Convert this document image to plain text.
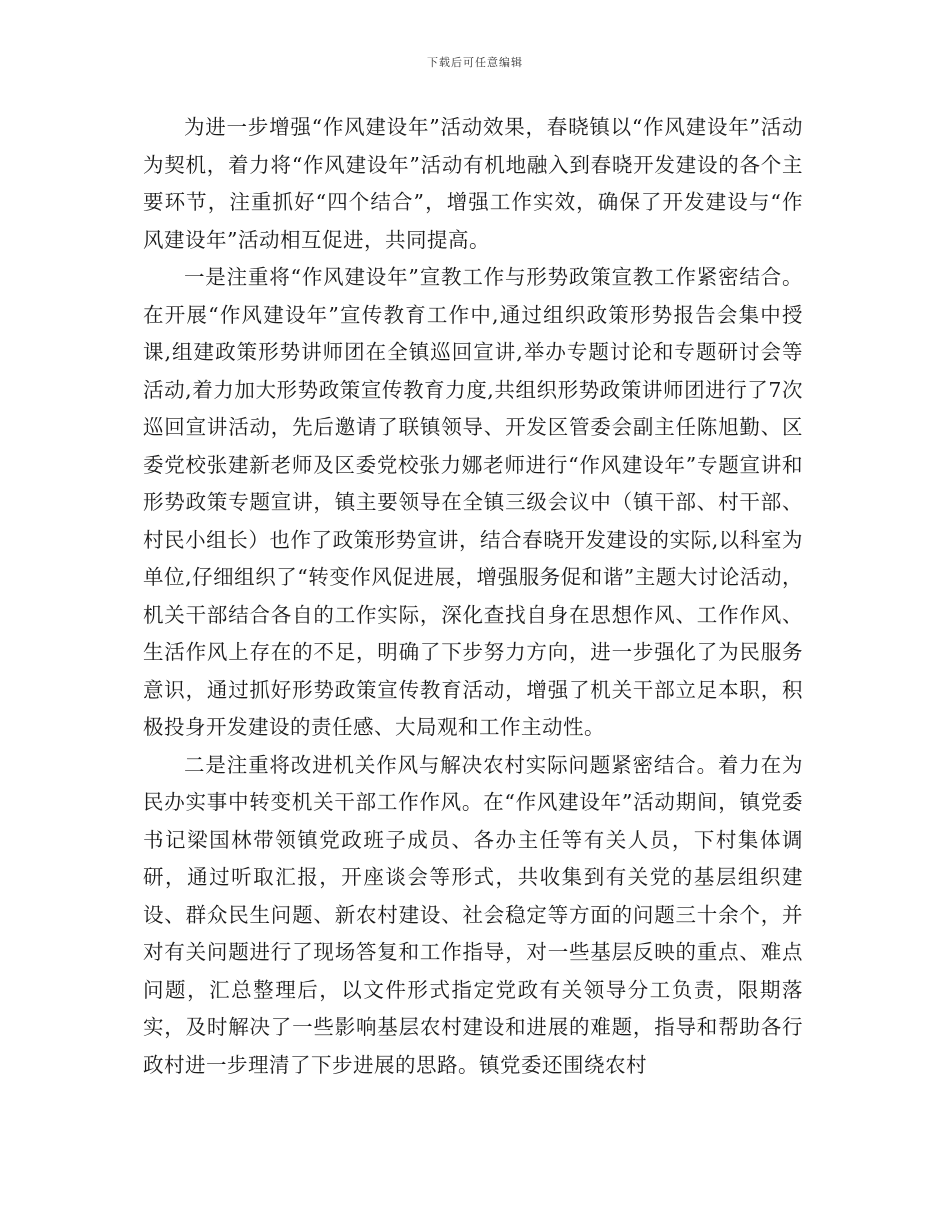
下载后可任意编辑

为进一步增强“作风建设年”活动效果，春晓镇以“作风建设年”活动为契机，着力将“作风建设年”活动有机地融入到春晓开发建设的各个主要环节，注重抓好“四个结合”，增强工作实效，确保了开发建设与“作风建设年”活动相互促进，共同提高。

一是注重将“作风建设年”宣教工作与形势政策宣教工作紧密结合。在开展“作风建设年”宣传教育工作中,通过组织政策形势报告会集中授课,组建政策形势讲师团在全镇巡回宣讲,举办专题讨论和专题研讨会等活动,着力加大形势政策宣传教育力度,共组织形势政策讲师团进行了7次巡回宣讲活动，先后邀请了联镇领导、开发区管委会副主任陈旭勤、区委党校张建新老师及区委党校张力娜老师进行“作风建设年”专题宣讲和形势政策专题宣讲，镇主要领导在全镇三级会议中（镇干部、村干部、村民小组长）也作了政策形势宣讲，结合春晓开发建设的实际,以科室为单位,仔细组织了“转变作风促进展，增强服务促和谐”主题大讨论活动，机关干部结合各自的工作实际，深化查找自身在思想作风、工作作风、生活作风上存在的不足，明确了下步努力方向，进一步强化了为民服务意识，通过抓好形势政策宣传教育活动，增强了机关干部立足本职，积极投身开发建设的责任感、大局观和工作主动性。

二是注重将改进机关作风与解决农村实际问题紧密结合。着力在为民办实事中转变机关干部工作作风。在“作风建设年”活动期间，镇党委书记梁国林带领镇党政班子成员、各办主任等有关人员，下村集体调研，通过听取汇报，开座谈会等形式，共收集到有关党的基层组织建设、群众民生问题、新农村建设、社会稳定等方面的问题三十余个，并对有关问题进行了现场答复和工作指导，对一些基层反映的重点、难点问题，汇总整理后，以文件形式指定党政有关领导分工负责，限期落实，及时解决了一些影响基层农村建设和进展的难题，指导和帮助各行政村进一步理清了下步进展的思路。镇党委还围绕农村
